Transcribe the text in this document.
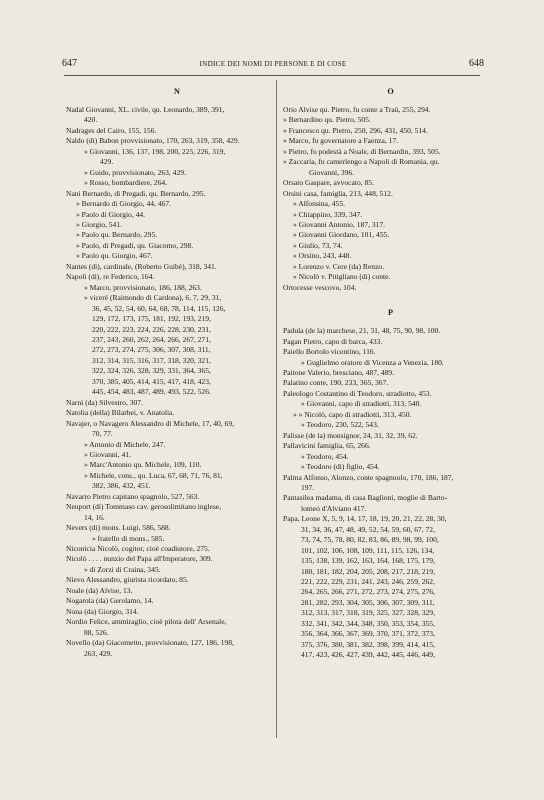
647	INDICE DEI NOMI DI PERSONE E DI COSE	648
N
Nadal Giovanni, XL. civile, qu. Leonardo, 389, 391,
420.
Nadrages del Cairo, 155, 156.
Naldo (di) Babon provvisionato, 170, 263, 319, 358, 429.
» Giovanni, 136, 137, 198, 200, 225, 226, 319,
429.
» Guido, provvisionato, 263, 429.
» Rosso, bombardiere, 264.
Nani Bernardo, di Pregadi, qu. Bernardo, 295.
» Bernardo di Giorgio, 44, 467.
» Paolo di Giorgio, 44.
» Giorgio, 541.
» Paolo qu. Bernardo, 295.
» Paolo, di Pregadi, qu. Giacomo, 298.
» Paolo qu. Giorgio, 467.
Nantes (di), cardinale, (Roberto Guibè), 318, 341.
Napoli (di), re Federico, 164.
» Marco, provvisionato, 186, 188, 263.
» viceré (Raimondo di Cardona), 6, 7, 29, 31,
36, 45, 52, 54, 60, 64, 68, 78, 114, 115, 126,
129, 172, 173, 175, 181, 192, 193, 219,
220, 222, 223, 224, 226, 228, 230, 231,
237, 243, 260, 262, 264, 266, 267, 271,
272, 273, 274, 275, 306, 307, 308, 311,
312, 314, 315, 316, 317, 318, 320, 321,
322, 324, 326, 328, 329, 331, 364, 365,
370, 385, 405, 414, 415, 417, 418, 423,
445, 454, 483, 487, 489, 493, 522, 526.
Narni (da) Silvestro, 307.
Natolia (della) Bilarbei, v. Anatolia.
Navajer, o Navagero Alessandro di Michele, 17, 40, 69,
70, 77.
» Antonio di Michele, 247.
» Giovanni, 41.
» Marc'Antonio qu. Michele, 109, 110.
» Michele, cons., qu. Luca, 67, 68, 71, 76, 81,
382, 386, 432, 451.
Navarro Pietro capitano spagnolo, 527, 563.
Neuport (di) Tommaso cav. gerosolimitano inglese,
14, 16.
Nevers (di) mons. Luigi, 586, 588.
» fratello di mons., 585.
Niconicia Nicolò, cogitor, cioè coadiutore, 275.
Nicolò . . . . nunzio del Papa all'Imperatore, 309.
» di Zorzi di Craina, 345.
Nievo Alessandro, giurista ricordato, 85.
Noale (da) Alvise, 13.
Nogarola (da) Gerolamo, 14.
Nona (da) Giorgio, 314.
Nordio Felice, ammiraglio, cioè pilota dell' Arsenale,
88, 526.
Novello (da) Giacometto, provvisionato, 127, 186, 198,
263, 429.
O
Orio Alvise qu. Pietro, fu conte a Traù, 255, 294.
» Bernardino qu. Pietro, 505.
» Francesco qu. Pietro, 250, 296, 431, 450, 514.
» Marco, fu governatore a Faenza, 17.
» Pietro, fu podestà a Noale, di Bernardin, 393, 505.
» Zaccaria, fu camerlengo a Napoli di Romania, qu.
Giovanni, 396.
Orsato Gaspare, avvocato, 85.
Orsini casa, famiglia, 213, 448, 512.
» Alfonsina, 455.
» Chiappino, 339, 347.
» Giovanni Antonio, 187, 317.
» Giovanni Giordano, 101, 455.
» Giulio, 73, 74.
» Orsino, 243, 448.
» Lorenzo v. Cere (da) Renzo.
» Nicolò v. Pitigliano (di) conte.
Ortocesse vescovo, 104.
P
Padula (de la) marchese, 21, 31, 48, 75, 90, 98, 100.
Pagan Pietro, capo di barca, 433.
Paiello Bortolo vicentino, 116.
» Guglielmo oratore di Vicenza a Venezia, 180.
Paitone Valerio, bresciano, 487, 489.
Palatino conte, 190, 233, 365, 367.
Paleologo Costantino di Teodoro, stradiotto, 453.
» Giovanni, capo di stradiotti, 313, 540.
» » Nicolò, capo di stradiotti, 313, 450.
» Teodoro, 230, 522, 543.
Palisse (de la) monsignor, 24, 31, 32, 39, 62.
Pallavicini famiglia, 65, 266.
» Teodoro, 454.
» Teodoro (di) figlio, 454.
Palma Alfonso, Alonzo, conte spagnuolo, 170, 186, 187,
197.
Pantasilea madama, di casa Baglioni, moglie di Barto-
lomeo d'Alviano 417.
Papa, Leone X, 5, 9, 14, 17, 18, 19, 20, 21, 22, 28, 30,
31, 34, 36, 47, 48, 49, 52, 54, 59, 60, 67, 72,
73, 74, 75, 78, 80, 82, 83, 86, 89, 98, 99, 100,
101, 102, 106, 108, 109, 111, 115, 126, 134,
135, 138, 139, 162, 163, 164, 168, 175, 179,
180, 181, 182, 204, 205, 208, 217, 218, 219,
221, 222, 229, 231, 241, 243, 246, 259, 262,
264, 265, 266, 271, 272, 273, 274, 275, 276,
281, 282, 293, 304, 305, 306, 307, 309, 311,
312, 313, 317, 318, 319, 325, 327, 328, 329,
332, 341, 342, 344, 348, 350, 353, 354, 355,
356, 364, 366, 367, 369, 370, 371, 372, 373,
375, 376, 380, 381, 382, 398, 399, 414, 415,
417, 423, 426, 427, 439, 442, 445, 446, 449,
